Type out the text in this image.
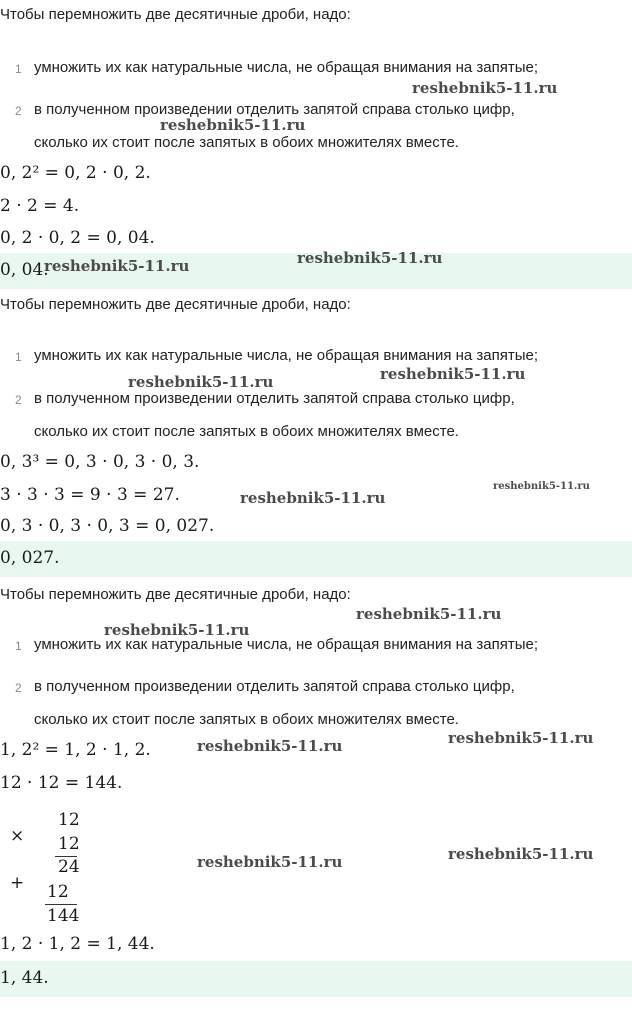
Чтобы перемножить две десятичные дроби, надо:
1 умножить их как натуральные числа, не обращая внимания на запятые;
2 в полученном произведении отделить запятой справа столько цифр,
сколько их стоит после запятых в обоих множителях вместе.
0, 2² = 0, 2 · 0, 2.
2 · 2 = 4.
0, 2 · 0, 2 = 0, 04.
0, 04.
Чтобы перемножить две десятичные дроби, надо:
1 умножить их как натуральные числа, не обращая внимания на запятые;
2 в полученном произведении отделить запятой справа столько цифр,
сколько их стоит после запятых в обоих множителях вместе.
0, 3³ = 0, 3 · 0, 3 · 0, 3.
3 · 3 · 3 = 9 · 3 = 27.
0, 3 · 0, 3 · 0, 3 = 0, 027.
0, 027.
Чтобы перемножить две десятичные дроби, надо:
1 умножить их как натуральные числа, не обращая внимания на запятые;
2 в полученном произведении отделить запятой справа столько цифр,
сколько их стоит после запятых в обоих множителях вместе.
1, 2² = 1, 2 · 1, 2.
12 · 12 = 144.
×
12
12
24
+ 12
144
1, 2 · 1, 2 = 1, 44.
1, 44.
reshebnik5-11.ru
reshebnik5-11.ru
reshebnik5-11.ru	reshebnik5-11.ru
reshebnik5-11.ru	reshebnik5-11.ru
reshebnik5-11.ru
reshebnik5-11.ru
reshebnik5-11.ru
reshebnik5-11.ru
reshebnik5-11.ru	reshebnik5-11.ru
reshebnik5-11.ru	reshebnik5-11.ru
